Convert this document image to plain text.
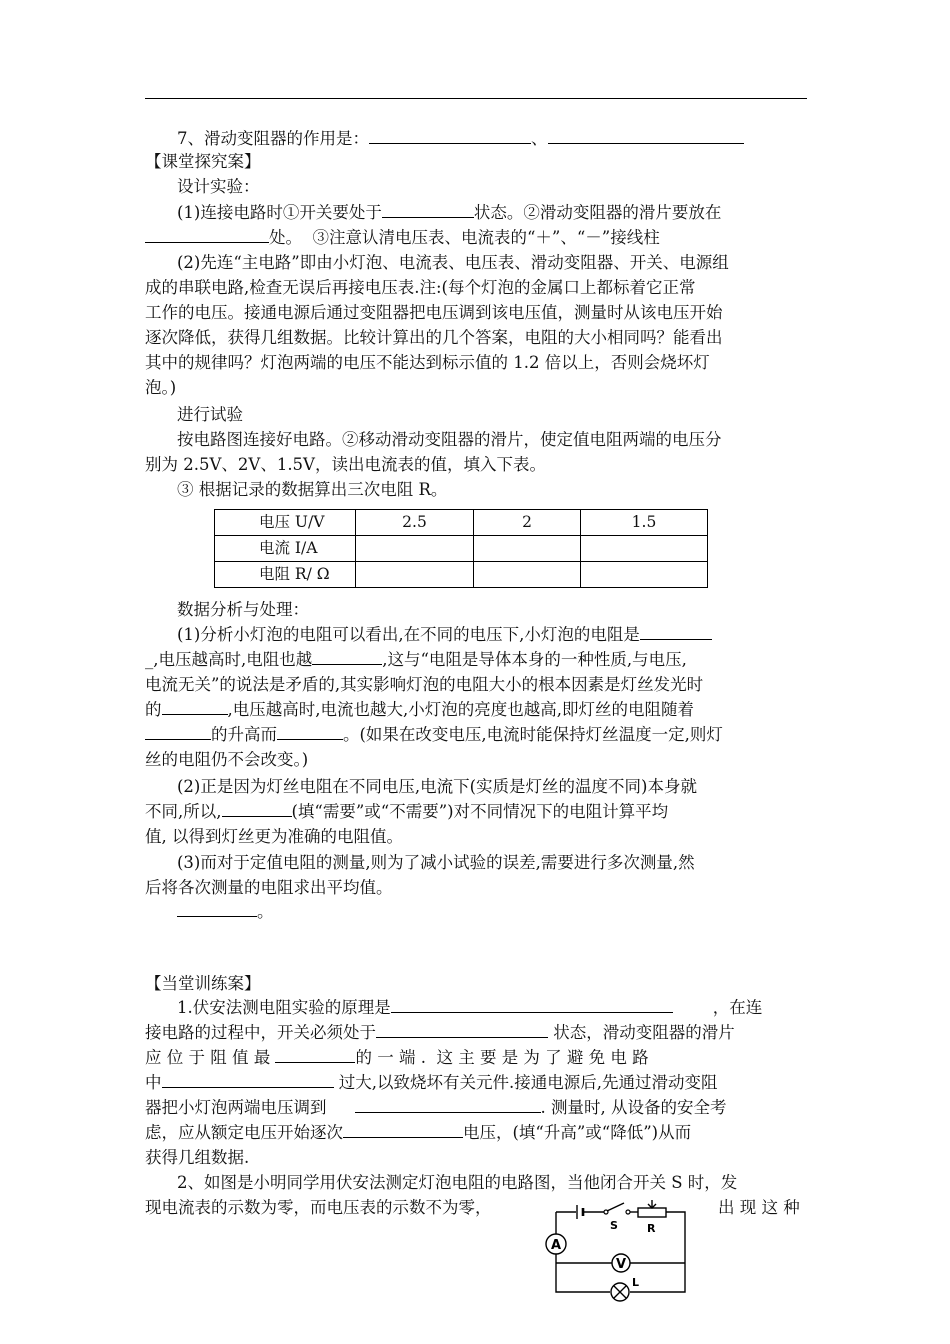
7、滑动变阻器的作用是：	、
【课堂探究案】
设计实验：
(1)连接电路时①开关要处于	状态。②滑动变阻器的滑片要放在
处。  ③注意认清电压表、电流表的“＋”、“－”接线柱
(2)先连“主电路”即由小灯泡、电流表、电压表、滑动变阻器、开关、电源组
成的串联电路,检查无误后再接电压表.注:(每个灯泡的金属口上都标着它正常
工作的电压。接通电源后通过变阻器把电压调到该电压值，测量时从该电压开始
逐次降低，获得几组数据。比较计算出的几个答案，电阻的大小相同吗？能看出
其中的规律吗？灯泡两端的电压不能达到标示值的 1.2 倍以上，否则会烧坏灯
泡。)
进行试验
按电路图连接好电路。②移动滑动变阻器的滑片，使定值电阻两端的电压分
别为 2.5V、2V、1.5V，读出电流表的值，填入下表。
③ 根据记录的数据算出三次电阻 R。
电压 U/V	2.5	2	1.5
电流 I/A			
电阻 R/ Ω			
数据分析与处理：
(1)分析小灯泡的电阻可以看出,在不同的电压下,小灯泡的电阻是
_,电压越高时,电阻也越	,这与“电阻是导体本身的一种性质,与电压,
电流无关”的说法是矛盾的,其实影响灯泡的电阻大小的根本因素是灯丝发光时
的	,电压越高时,电流也越大,小灯泡的亮度也越高,即灯丝的电阻随着
的升高而	。(如果在改变电压,电流时能保持灯丝温度一定,则灯
丝的电阻仍不会改变。)
(2)正是因为灯丝电阻在不同电压,电流下(实质是灯丝的温度不同)本身就
不同,所以,	(填“需要”或“不需要”)对不同情况下的电阻计算平均
值, 以得到灯丝更为准确的电阻值。
(3)而对于定值电阻的测量,则为了减小试验的误差,需要进行多次测量,然
后将各次测量的电阻求出平均值。
。
【当堂训练案】
1.伏安法测电阻实验的原理是	，在连
接电路的过程中，开关必须处于	状态，滑动变阻器的滑片
应 位 于 阻 值 最	的 一 端 .  这 主 要 是 为 了 避 免 电 路
中	过大,以致烧坏有关元件.接通电源后,先通过滑动变阻
器把小灯泡两端电压调到	. 测量时, 从设备的安全考
虑，应从额定电压开始逐次	电压，(填“升高”或“降低”)从而
获得几组数据.
2、如图是小明同学用伏安法测定灯泡电阻的电路图，当他闭合开关 S 时，发
现电流表的示数为零，而电压表的示数不为零，	出 现 这 种
S	R
A
V
L
